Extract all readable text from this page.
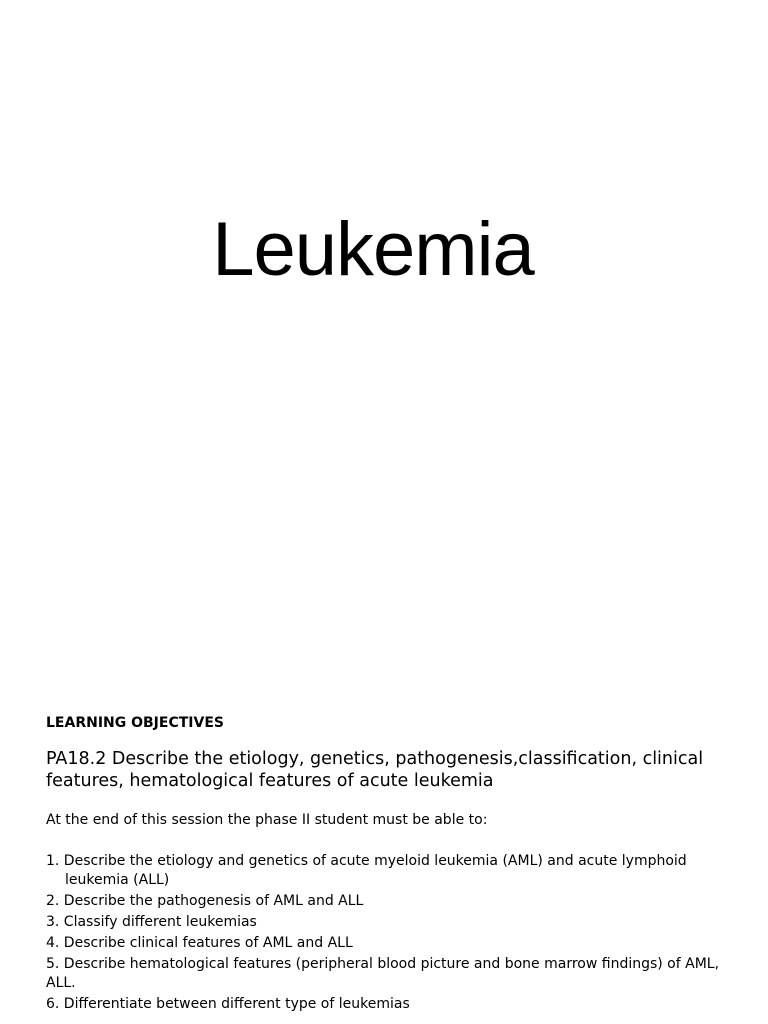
Leukemia

LEARNING OBJECTIVES

PA18.2 Describe the etiology, genetics, pathogenesis,classification, clinical features, hematological features of acute leukemia

At the end of this session the phase II student must be able to:

1. Describe the etiology and genetics of acute myeloid leukemia (AML) and acute lymphoid leukemia (ALL)
2. Describe the pathogenesis of AML and ALL
3. Classify different leukemias
4. Describe clinical features of AML and ALL
5. Describe hematological features (peripheral blood picture and bone marrow findings) of AML, ALL.
6. Differentiate between different type of leukemias
